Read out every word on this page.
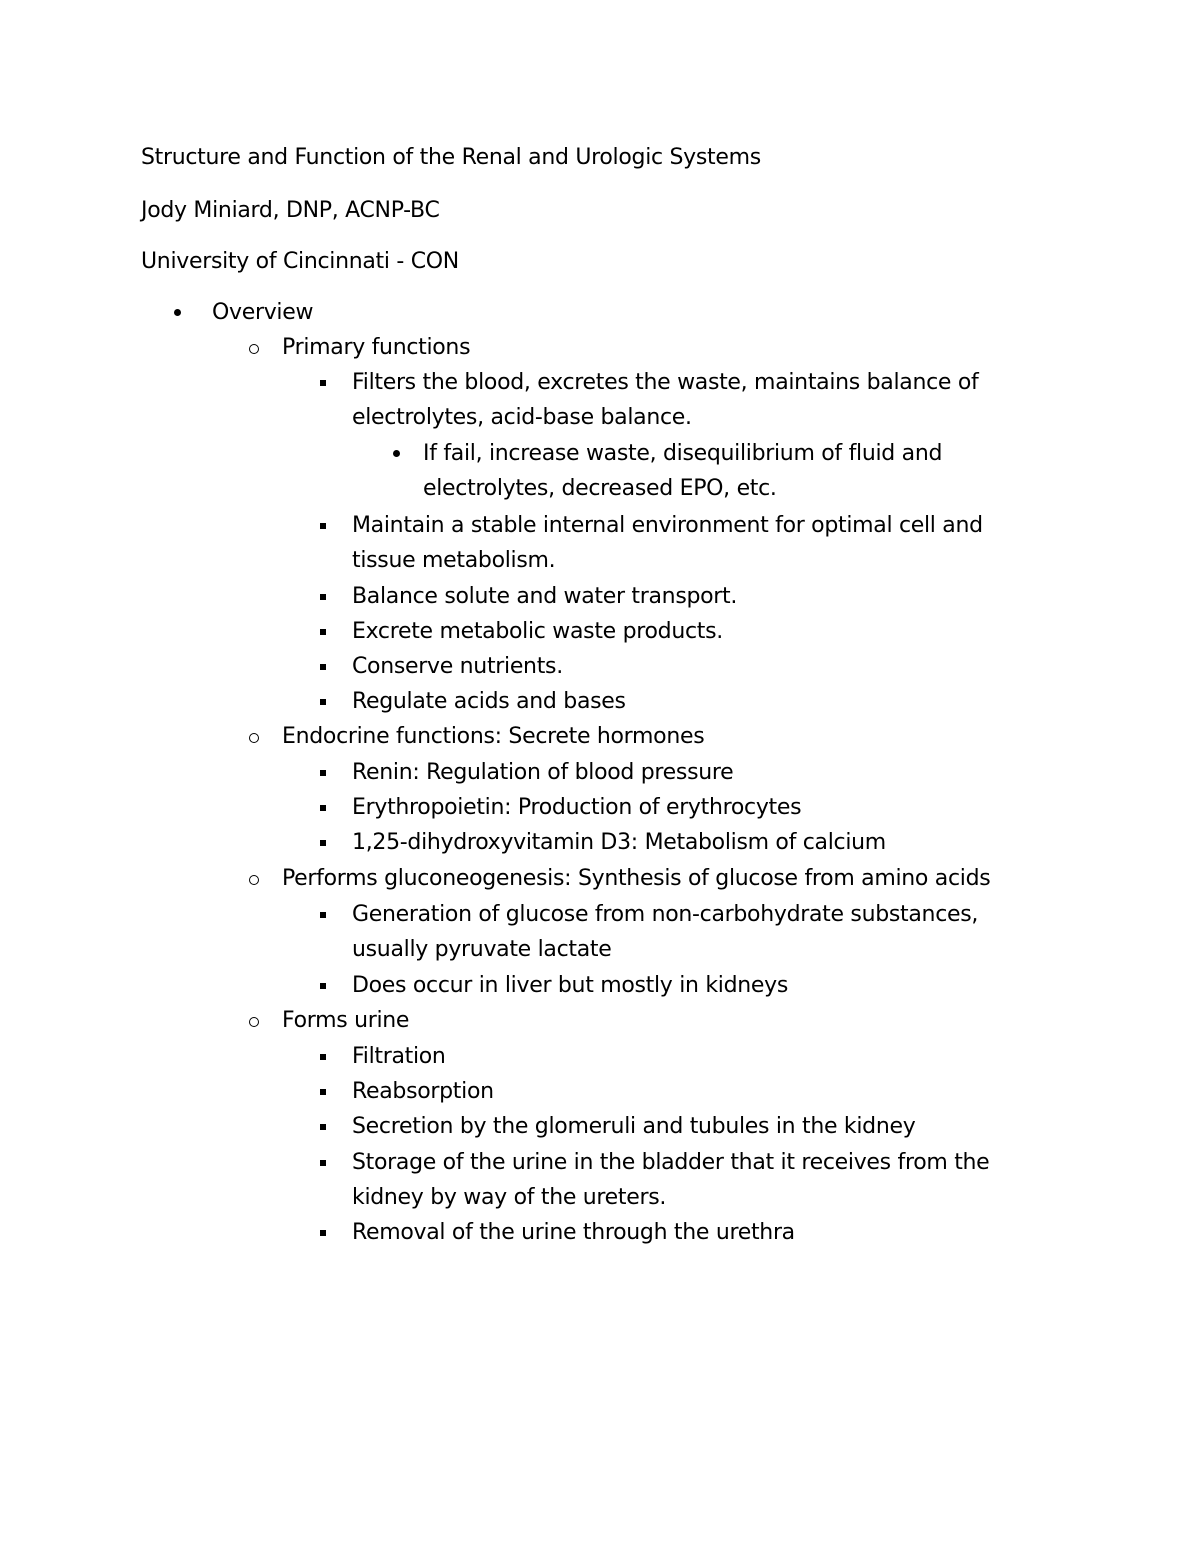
Structure and Function of the Renal and Urologic Systems
Jody Miniard, DNP, ACNP-BC
University of Cincinnati - CON
Overview
Primary functions
Filters the blood, excretes the waste, maintains balance of electrolytes, acid-base balance.
If fail, increase waste, disequilibrium of fluid and electrolytes, decreased EPO, etc.
Maintain a stable internal environment for optimal cell and tissue metabolism.
Balance solute and water transport.
Excrete metabolic waste products.
Conserve nutrients.
Regulate acids and bases
Endocrine functions: Secrete hormones
Renin: Regulation of blood pressure
Erythropoietin: Production of erythrocytes
1,25-dihydroxyvitamin D3: Metabolism of calcium
Performs gluconeogenesis: Synthesis of glucose from amino acids
Generation of glucose from non-carbohydrate substances, usually pyruvate lactate
Does occur in liver but mostly in kidneys
Forms urine
Filtration
Reabsorption
Secretion by the glomeruli and tubules in the kidney
Storage of the urine in the bladder that it receives from the kidney by way of the ureters.
Removal of the urine through the urethra
